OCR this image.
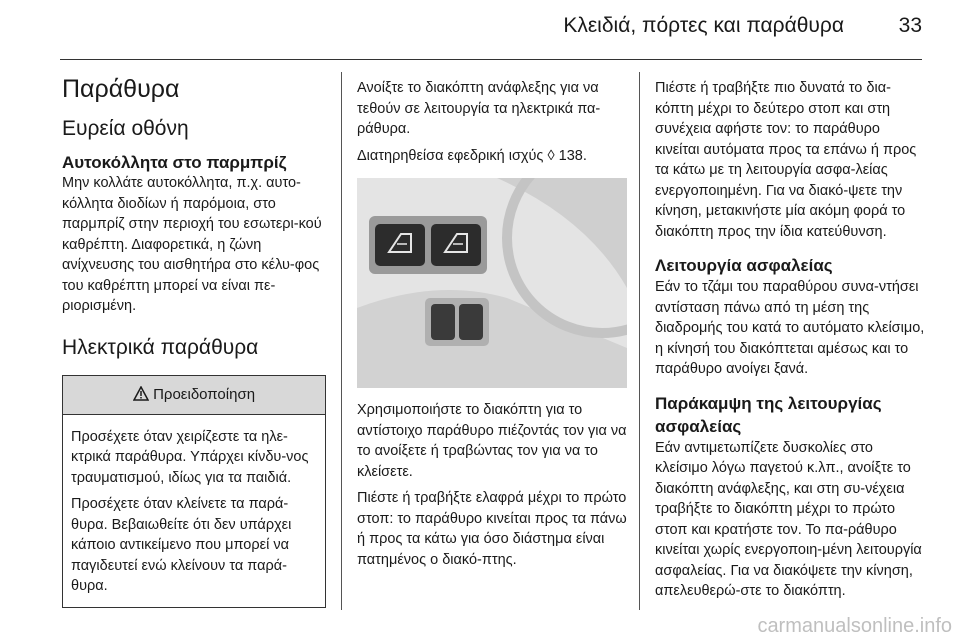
Κλειδιά, πόρτες και παράθυρα	33
Παράθυρα
Ευρεία οθόνη
Αυτοκόλλητα στο παρμπρίζ

Μην κολλάτε αυτοκόλλητα, π.χ. αυτο-κόλλητα διοδίων ή παρόμοια, στο παρμπρίζ στην περιοχή του εσωτερι-κού καθρέπτη. Διαφορετικά, η ζώνη ανίχνευσης του αισθητήρα στο κέλυ-φος του καθρέπτη μπορεί να είναι πε-ριορισμένη.

Ηλεκτρικά παράθυρα
Προειδοποίηση

Προσέχετε όταν χειρίζεστε τα ηλε-κτρικά παράθυρα. Υπάρχει κίνδυ-νος τραυματισμού, ιδίως για τα παιδιά.

Προσέχετε όταν κλείνετε τα παρά-θυρα. Βεβαιωθείτε ότι δεν υπάρχει κάποιο αντικείμενο που μπορεί να παγιδευτεί ενώ κλείνουν τα παρά-θυρα.

Ανοίξτε το διακόπτη ανάφλεξης για να τεθούν σε λειτουργία τα ηλεκτρικά πα-ράθυρα.

Διατηρηθείσα εφεδρική ισχύς ◊ 138.

Χρησιμοποιήστε το διακόπτη για το αντίστοιχο παράθυρο πιέζοντάς τον για να το ανοίξετε ή τραβώντας τον για να το κλείσετε.

Πιέστε ή τραβήξτε ελαφρά μέχρι το πρώτο στοπ: το παράθυρο κινείται προς τα πάνω ή προς τα κάτω για όσο διάστημα είναι πατημένος ο διακό-πτης.

Πιέστε ή τραβήξτε πιο δυνατά το δια-κόπτη μέχρι το δεύτερο στοπ και στη συνέχεια αφήστε τον: το παράθυρο κινείται αυτόματα προς τα επάνω ή προς τα κάτω με τη λειτουργία ασφα-λείας ενεργοποιημένη. Για να διακό-ψετε την κίνηση, μετακινήστε μία ακόμη φορά το διακόπτη προς την ίδια κατεύθυνση.

Λειτουργία ασφαλείας

Εάν το τζάμι του παραθύρου συνα-ντήσει αντίσταση πάνω από τη μέση της διαδρομής του κατά το αυτόματο κλείσιμο, η κίνησή του διακόπτεται αμέσως και το παράθυρο ανοίγει ξανά.

Παράκαμψη της λειτουργίας ασφαλείας

Εάν αντιμετωπίζετε δυσκολίες στο κλείσιμο λόγω παγετού κ.λπ., ανοίξτε το διακόπτη ανάφλεξης, και στη συ-νέχεια τραβήξτε το διακόπτη μέχρι το πρώτο στοπ και κρατήστε τον. Το πα-ράθυρο κινείται χωρίς ενεργοποιη-μένη λειτουργία ασφαλείας. Για να διακόψετε την κίνηση, απελευθερώ-στε το διακόπτη.

carmanualsonline.info
